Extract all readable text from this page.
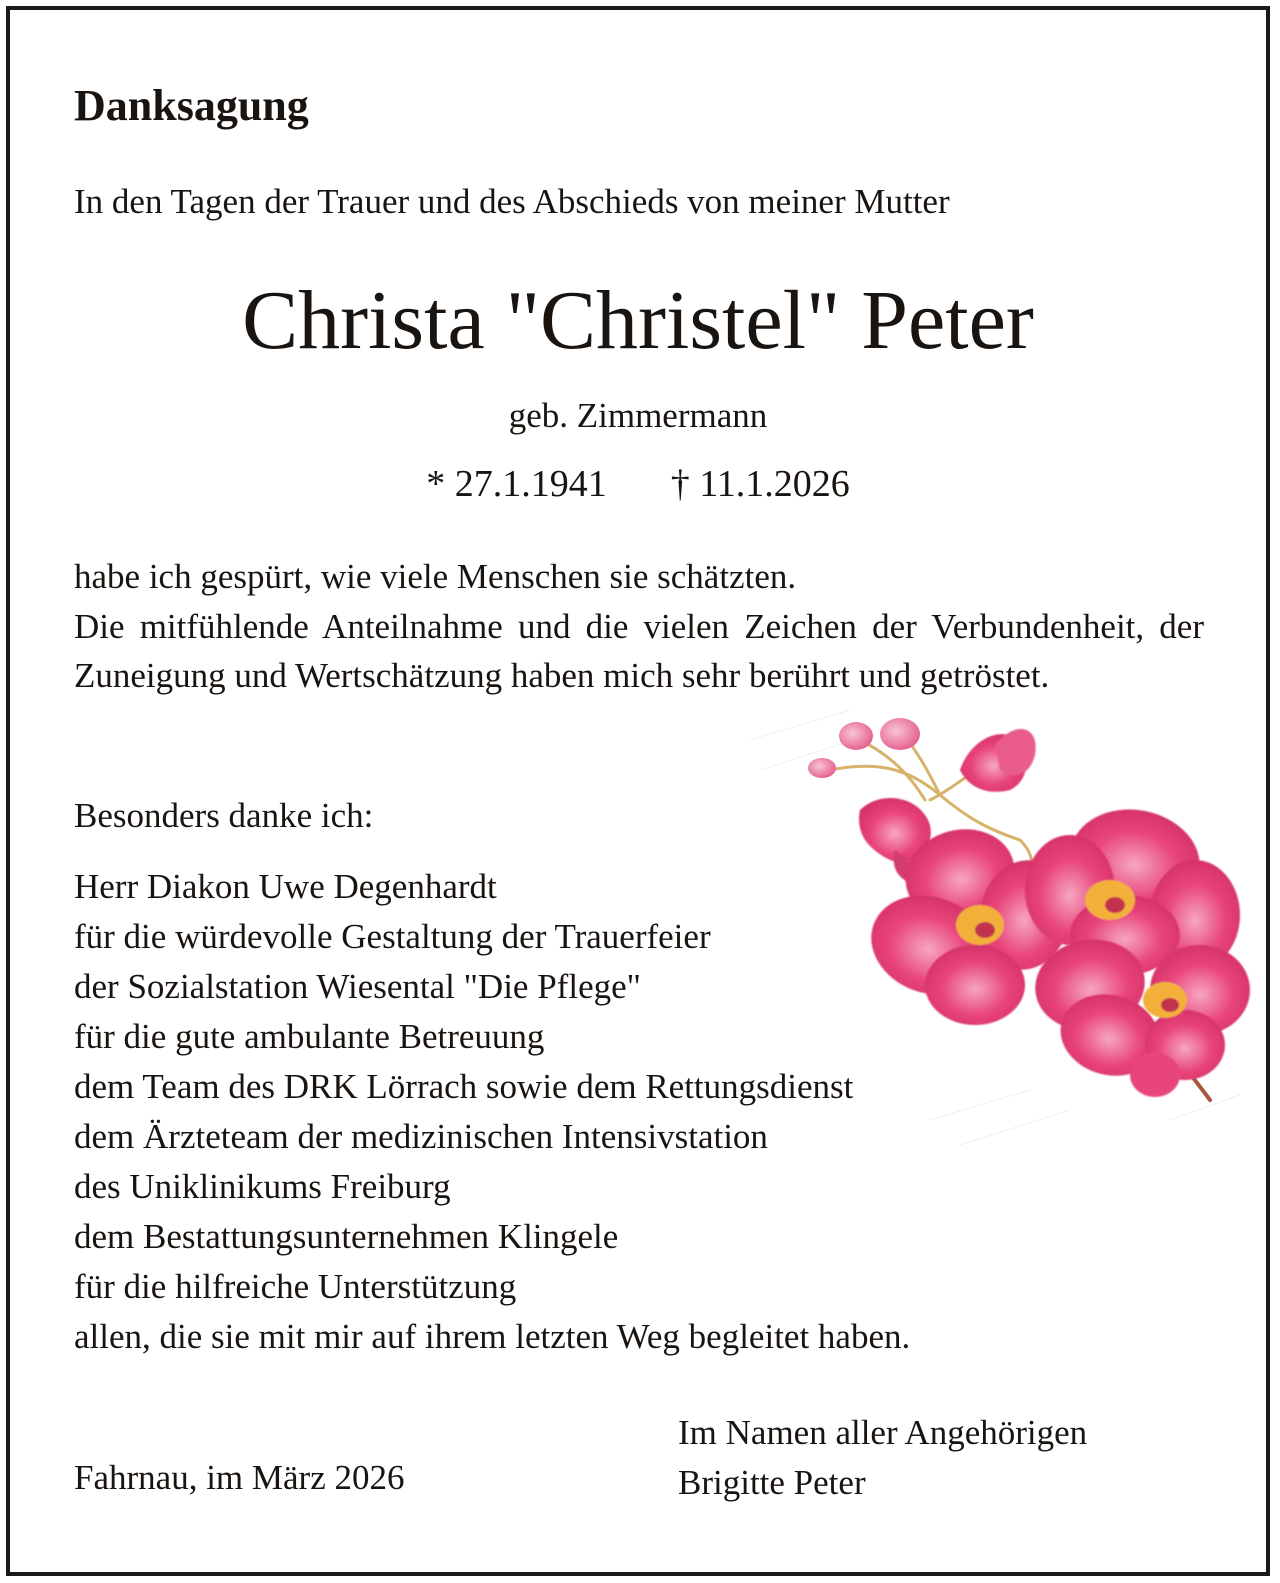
Danksagung
In den Tagen der Trauer und des Abschieds von meiner Mutter
Christa "Christel" Peter
geb. Zimmermann
* 27.1.1941 † 11.1.2026

habe ich gespürt, wie viele Menschen sie schätzten.

Die mitfühlende Anteilnahme und die vielen Zeichen der Verbundenheit, der Zuneigung und Wertschätzung haben mich sehr berührt und getröstet.

Besonders danke ich:
Herr Diakon Uwe Degenhardt
für die würdevolle Gestaltung der Trauerfeier
der Sozialstation Wiesental "Die Pflege"
für die gute ambulante Betreuung
dem Team des DRK Lörrach sowie dem Rettungsdienst
dem Ärzteteam der medizinischen Intensivstation
des Uniklinikums Freiburg
dem Bestattungsunternehmen Klingele
für die hilfreiche Unterstützung
allen, die sie mit mir auf ihrem letzten Weg begleitet haben.
Fahrnau, im März 2026
Im Namen aller Angehörigen
Brigitte Peter
